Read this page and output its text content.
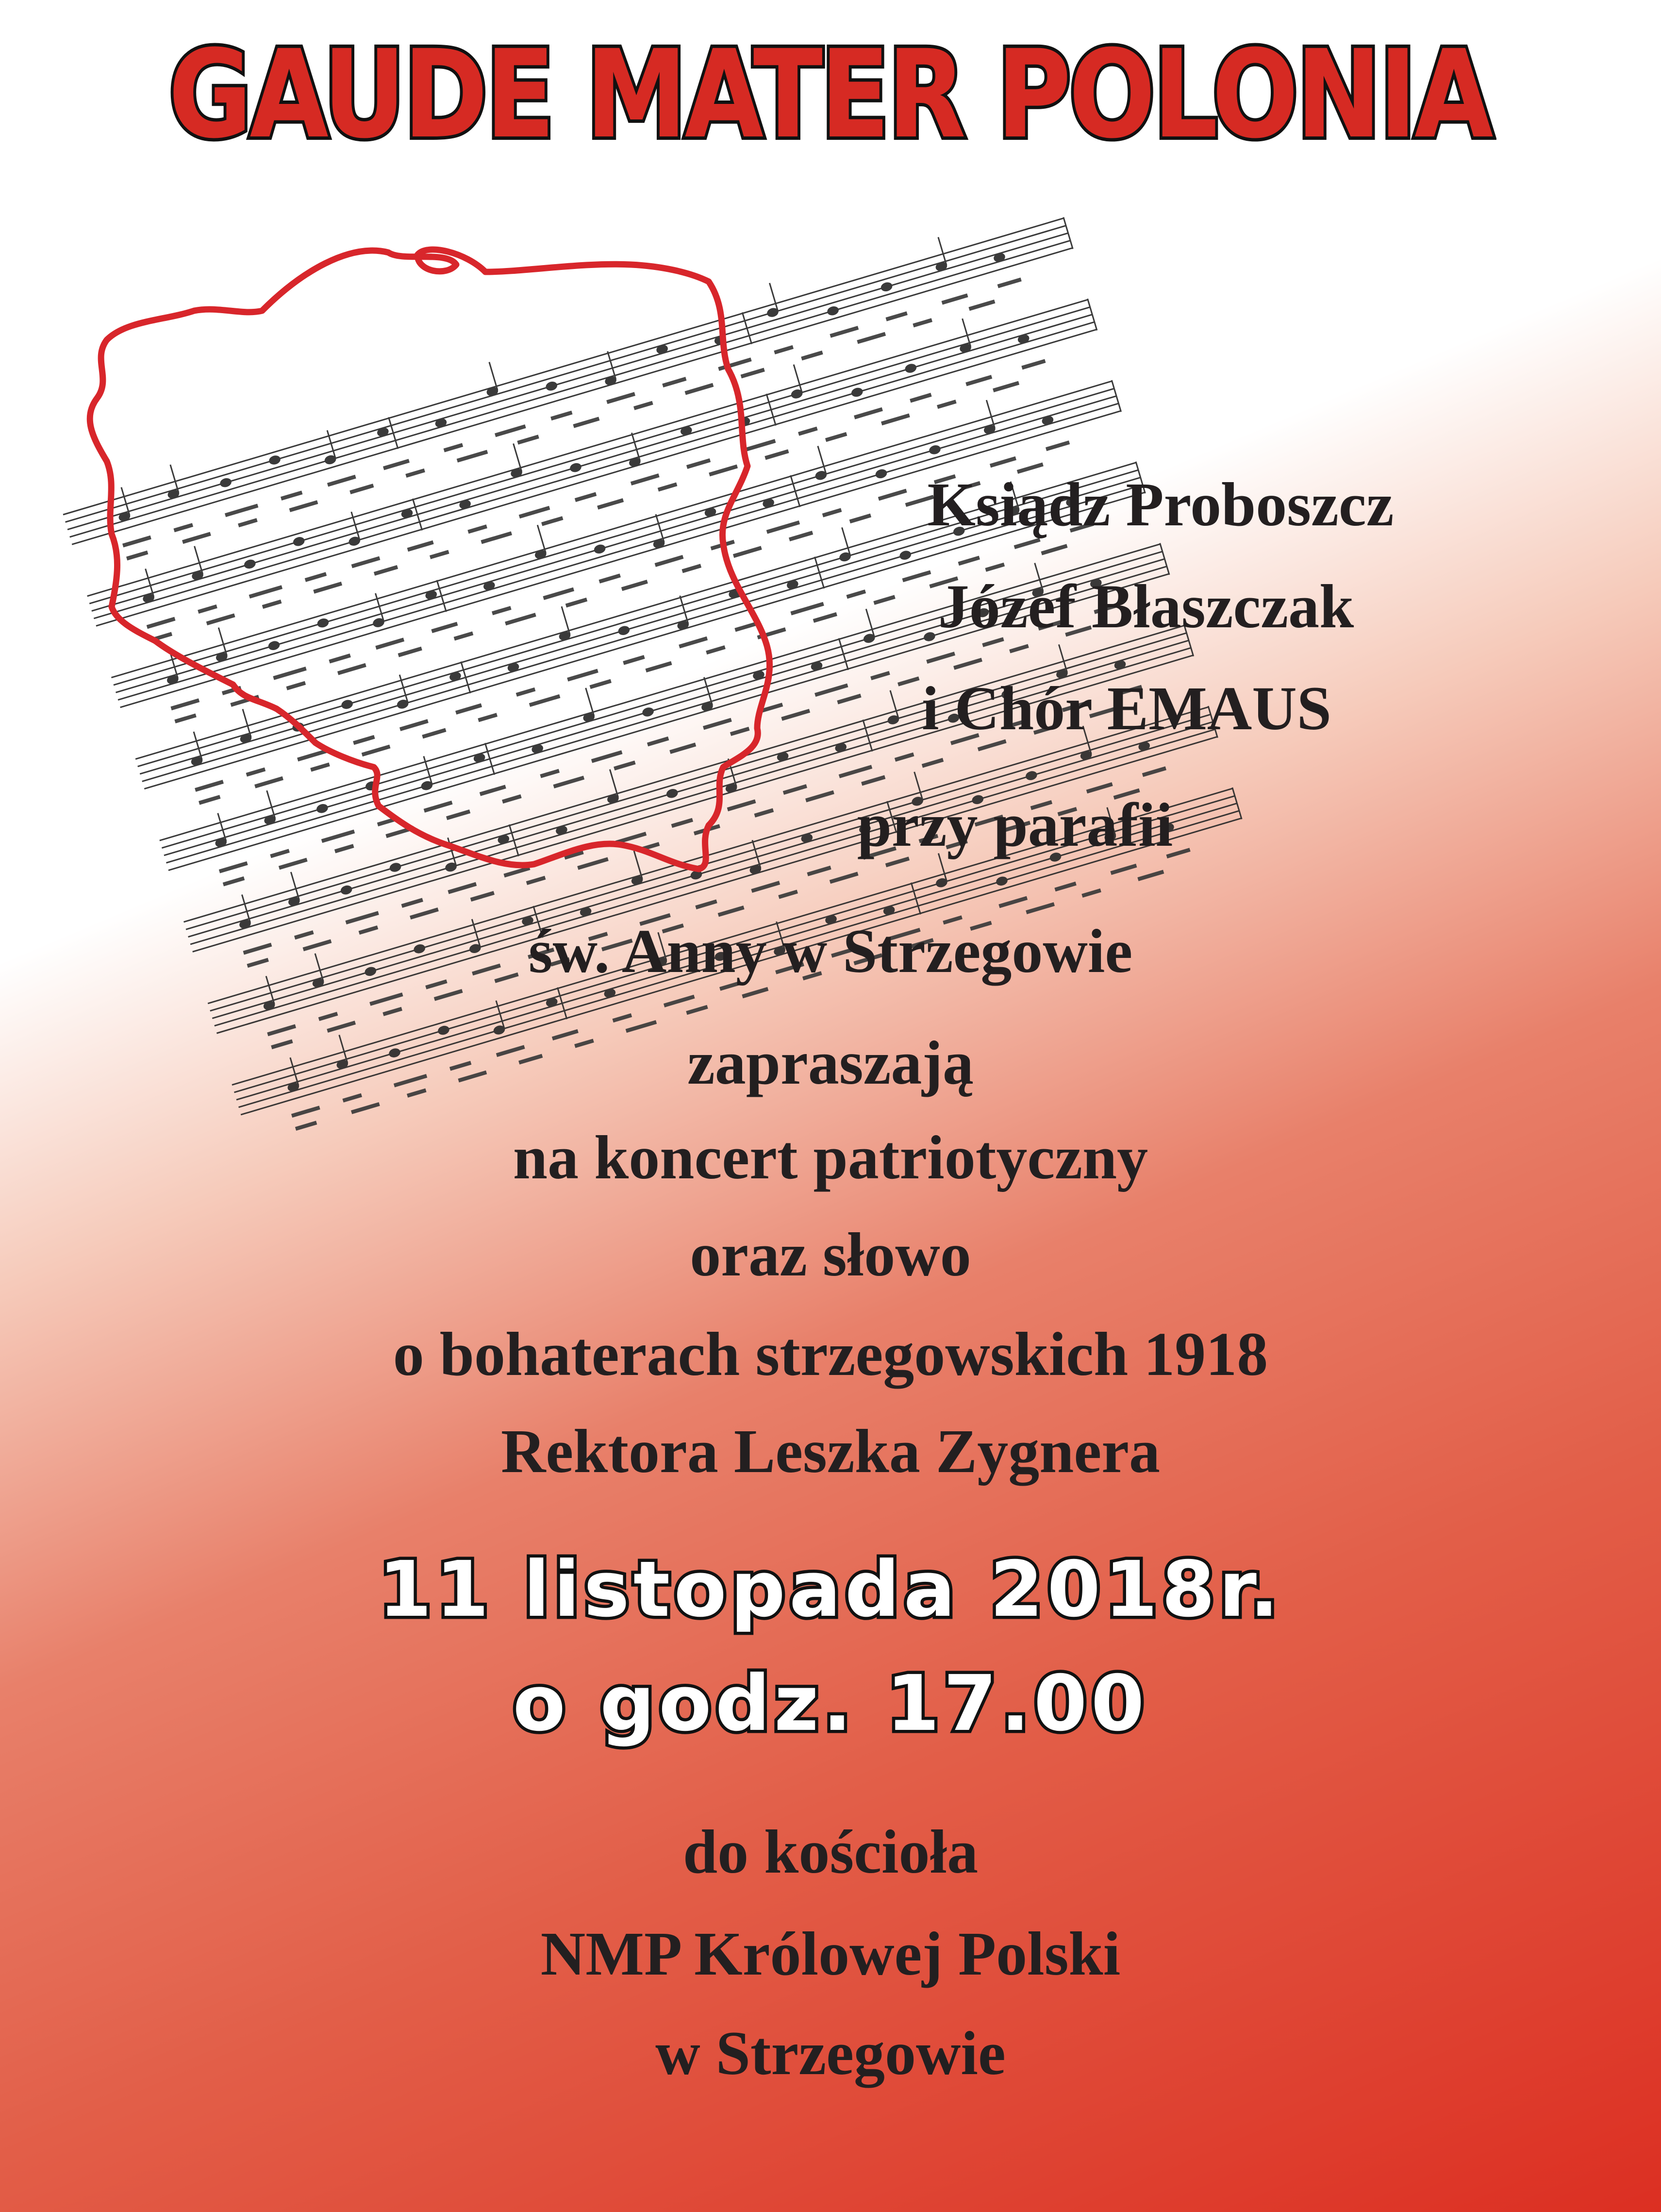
GAUDE MATER POLONIA
Ksiądz Proboszcz
Józef Błaszczak
i Chór EMAUS
przy parafii
św. Anny w Strzegowie
zapraszają
na koncert patriotyczny
oraz słowo
o bohaterach strzegowskich 1918
Rektora Leszka Zygnera
11 listopada 2018r.
o godz. 17.00
do kościoła
NMP Królowej Polski
w Strzegowie
